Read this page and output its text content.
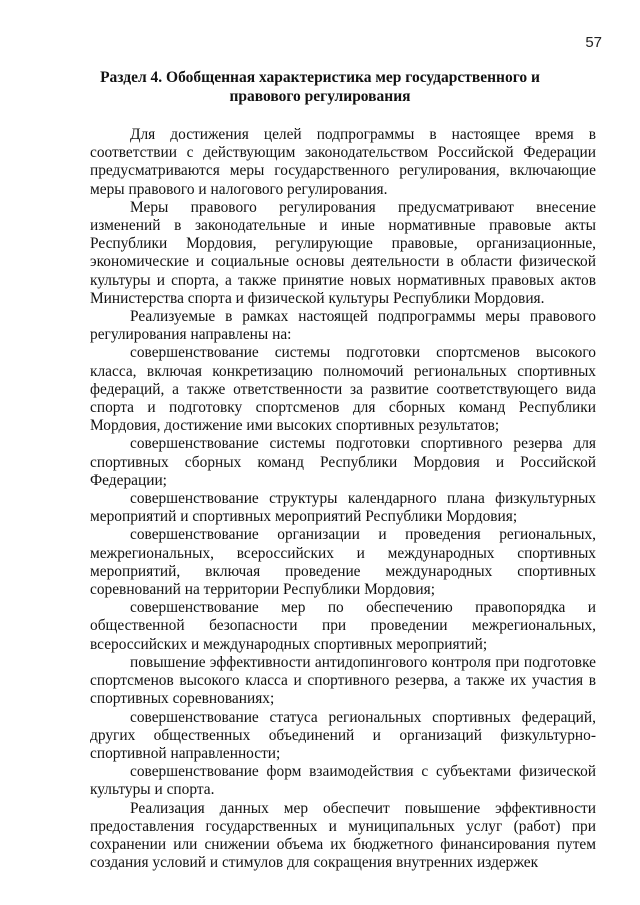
57
Раздел 4. Обобщенная характеристика мер государственного и правового регулирования

Для достижения целей подпрограммы в настоящее время в соответствии с действующим законодательством Российской Федерации предусматриваются меры государственного регулирования, включающие меры правового и налогового регулирования.

Меры правового регулирования предусматривают внесение изменений в законодательные и иные нормативные правовые акты Республики Мордовия, регулирующие правовые, организационные, экономические и социальные основы деятельности в области физической культуры и спорта, а также принятие новых нормативных правовых актов Министерства спорта и физической культуры Республики Мордовия.

Реализуемые в рамках настоящей подпрограммы меры правового регулирования направлены на:

совершенствование системы подготовки спортсменов высокого класса, включая конкретизацию полномочий региональных спортивных федераций, а также ответственности за развитие соответствующего вида спорта и подготовку спортсменов для сборных команд Республики Мордовия, достижение ими высоких спортивных результатов;

совершенствование системы подготовки спортивного резерва для спортивных сборных команд Республики Мордовия и Российской Федерации;

совершенствование структуры календарного плана физкультурных мероприятий и спортивных мероприятий Республики Мордовия;

совершенствование организации и проведения региональных, межрегиональных, всероссийских и международных спортивных мероприятий, включая проведение международных спортивных соревнований на территории Республики Мордовия;

совершенствование мер по обеспечению правопорядка и общественной безопасности при проведении межрегиональных, всероссийских и международных спортивных мероприятий;

повышение эффективности антидопингового контроля при подготовке спортсменов высокого класса и спортивного резерва, а также их участия в спортивных соревнованиях;

совершенствование статуса региональных спортивных федераций, других общественных объединений и организаций физкультурно-спортивной направленности;

совершенствование форм взаимодействия с субъектами физической культуры и спорта.

Реализация данных мер обеспечит повышение эффективности предоставления государственных и муниципальных услуг (работ) при сохранении или снижении объема их бюджетного финансирования путем создания условий и стимулов для сокращения внутренних издержек
